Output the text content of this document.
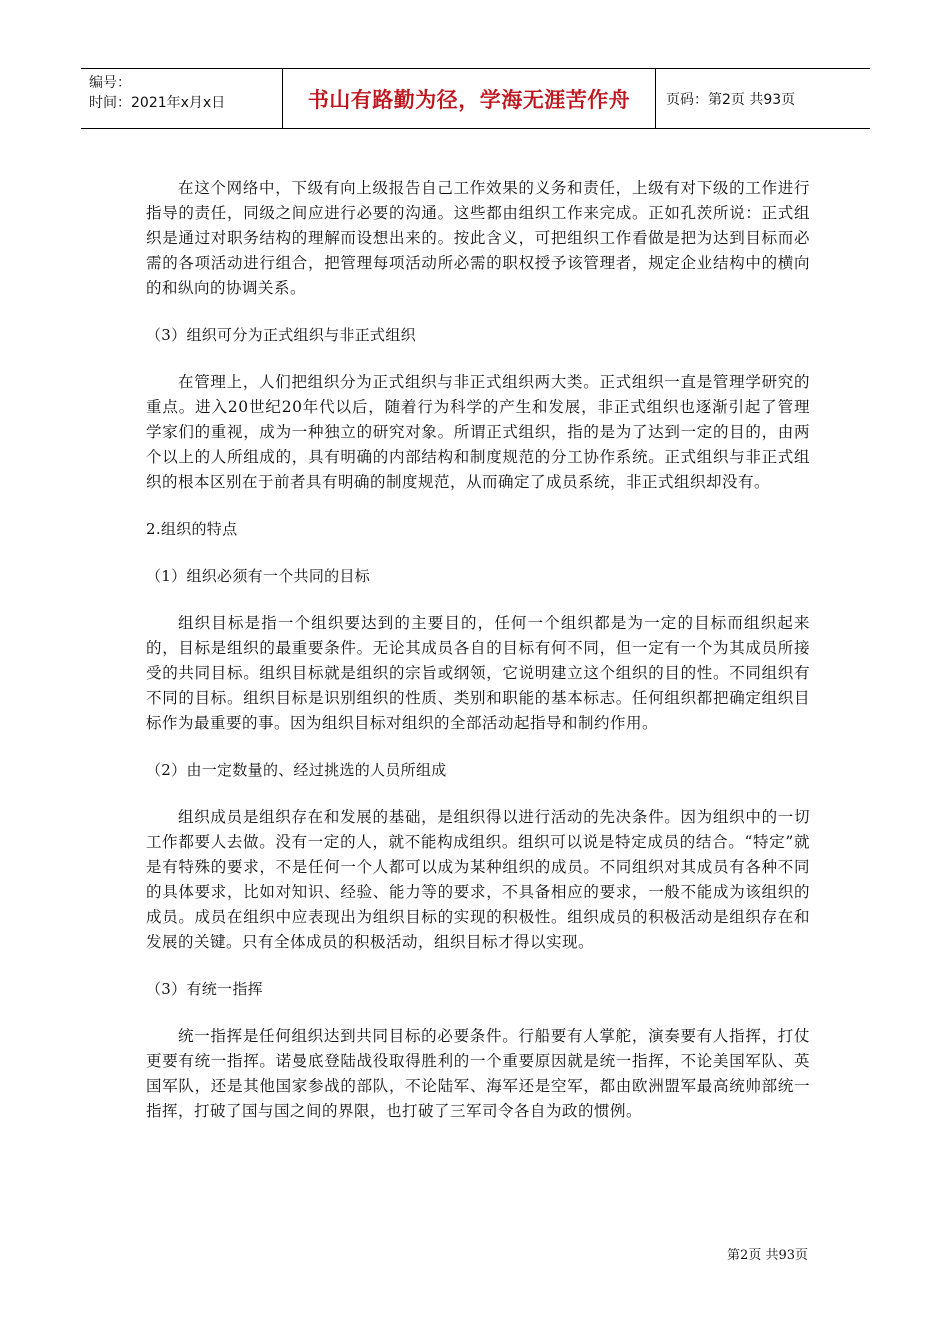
编号：
时间：2021年x月x日	书山有路勤为径，学海无涯苦作舟	页码：第2页 共93页

在这个网络中，下级有向上级报告自己工作效果的义务和责任，上级有对下级的工作进行指导的责任，同级之间应进行必要的沟通。这些都由组织工作来完成。正如孔茨所说：正式组织是通过对职务结构的理解而设想出来的。按此含义，可把组织工作看做是把为达到目标而必需的各项活动进行组合，把管理每项活动所必需的职权授予该管理者，规定企业结构中的横向的和纵向的协调关系。

（3）组织可分为正式组织与非正式组织

在管理上，人们把组织分为正式组织与非正式组织两大类。正式组织一直是管理学研究的重点。进入20世纪20年代以后，随着行为科学的产生和发展，非正式组织也逐渐引起了管理学家们的重视，成为一种独立的研究对象。所谓正式组织，指的是为了达到一定的目的，由两个以上的人所组成的，具有明确的内部结构和制度规范的分工协作系统。正式组织与非正式组织的根本区别在于前者具有明确的制度规范，从而确定了成员系统，非正式组织却没有。

2.组织的特点

（1）组织必须有一个共同的目标

组织目标是指一个组织要达到的主要目的，任何一个组织都是为一定的目标而组织起来的，目标是组织的最重要条件。无论其成员各自的目标有何不同，但一定有一个为其成员所接受的共同目标。组织目标就是组织的宗旨或纲领，它说明建立这个组织的目的性。不同组织有不同的目标。组织目标是识别组织的性质、类别和职能的基本标志。任何组织都把确定组织目标作为最重要的事。因为组织目标对组织的全部活动起指导和制约作用。

（2）由一定数量的、经过挑选的人员所组成

组织成员是组织存在和发展的基础，是组织得以进行活动的先决条件。因为组织中的一切工作都要人去做。没有一定的人，就不能构成组织。组织可以说是特定成员的结合。“特定”就是有特殊的要求，不是任何一个人都可以成为某种组织的成员。不同组织对其成员有各种不同的具体要求，比如对知识、经验、能力等的要求，不具备相应的要求，一般不能成为该组织的成员。成员在组织中应表现出为组织目标的实现的积极性。组织成员的积极活动是组织存在和发展的关键。只有全体成员的积极活动，组织目标才得以实现。

（3）有统一指挥

统一指挥是任何组织达到共同目标的必要条件。行船要有人掌舵，演奏要有人指挥，打仗更要有统一指挥。诺曼底登陆战役取得胜利的一个重要原因就是统一指挥，不论美国军队、英国军队，还是其他国家参战的部队，不论陆军、海军还是空军，都由欧洲盟军最高统帅部统一指挥，打破了国与国之间的界限，也打破了三军司令各自为政的惯例。

第2页 共93页
